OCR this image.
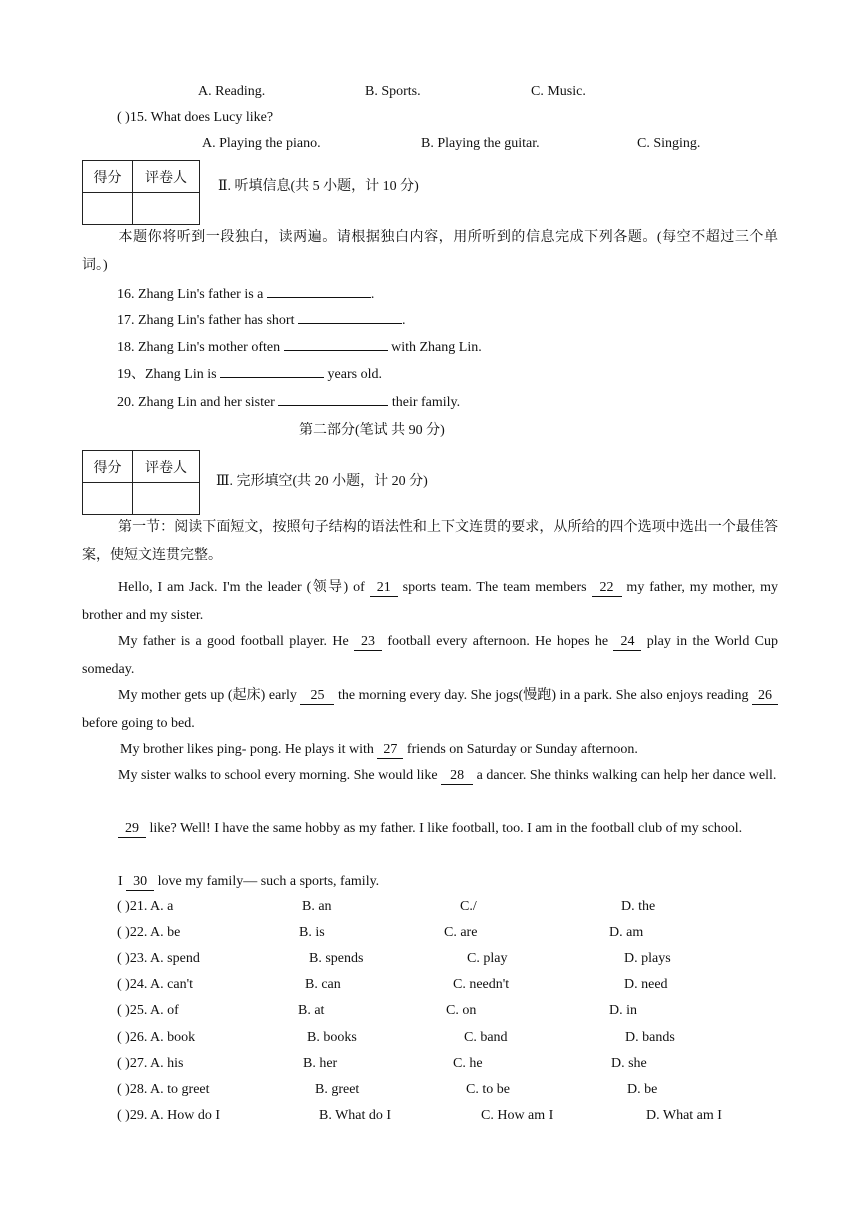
A. Reading.	B. Sports.	C. Music.
( )15. What does Lucy like?
A. Playing the piano.	B. Playing the guitar.	C. Singing.
得分	评卷人

Ⅱ. 听填信息(共 5 小题，计 10 分)
本题你将听到一段独白，读两遍。请根据独白内容，用所听到的信息完成下列各题。(每空不超过三个单词。)
16. Zhang Lin's father is a	.
17. Zhang Lin's father has short	.
18. Zhang Lin's mother often	with Zhang Lin.
19、Zhang Lin is	years old.
20. Zhang Lin and her sister	their family.
第二部分(笔试 共 90 分)
得分	评卷人

Ⅲ. 完形填空(共 20 小题，计 20 分)
第一节：阅读下面短文，按照句子结构的语法性和上下文连贯的要求，从所给的四个选项中选出一个最佳答案，使短文连贯完整。
Hello, I am Jack. I'm the leader (领导) of 21 sports team. The team members 22 my father, my mother, my brother and my sister.
My father is a good football player. He 23 football every afternoon. He hopes he 24 play in the World Cup someday.
My mother gets up (起床) early 25 the morning every day. She jogs(慢跑) in a park. She also enjoys reading 26 before going to bed.
My brother likes ping- pong. He plays it with 27 friends on Saturday or Sunday afternoon.
My sister walks to school every morning. She would like 28 a dancer. She thinks walking can help her dance well.
29 like? Well! I have the same hobby as my father. I like football, too. I am in the football club of my school.
I 30 love my family— such a sports, family.
( )21. A. a	B. an	C./	D. the
( )22. A. be	B. is	C. are	D. am
( )23. A. spend	B. spends	C. play	D. plays
( )24. A. can't	B. can	C. needn't	D. need
( )25. A. of	B. at	C. on	D. in
( )26. A. book	B. books	C. band	D. bands
( )27. A. his	B. her	C. he	D. she
( )28. A. to greet	B. greet	C. to be	D. be
( )29. A. How do I	B. What do I	C. How am I	D. What am I
